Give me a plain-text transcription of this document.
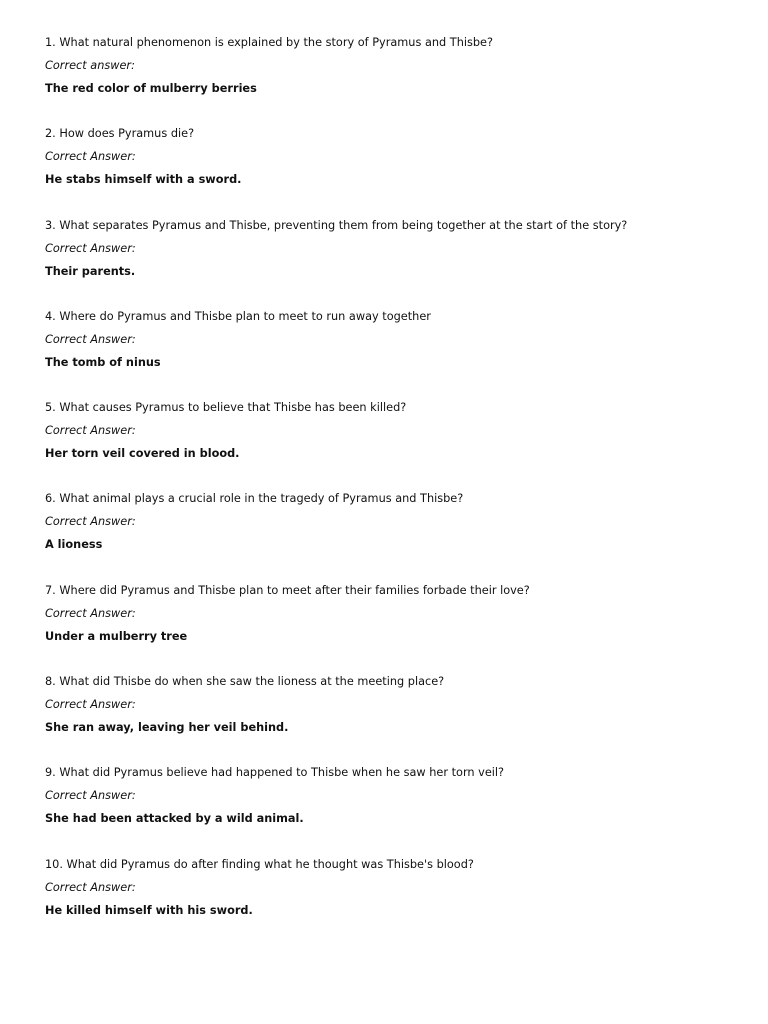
1. What natural phenomenon is explained by the story of Pyramus and Thisbe?
Correct answer:
The red color of mulberry berries
2. How does Pyramus die?
Correct Answer:
He stabs himself with a sword.
3. What separates Pyramus and Thisbe, preventing them from being together at the start of the story?
Correct Answer:
Their parents.
4. Where do Pyramus and Thisbe plan to meet to run away together
Correct Answer:
The tomb of ninus
5. What causes Pyramus to believe that Thisbe has been killed?
Correct Answer:
Her torn veil covered in blood.
6. What animal plays a crucial role in the tragedy of Pyramus and Thisbe?
Correct Answer:
A lioness
7. Where did Pyramus and Thisbe plan to meet after their families forbade their love?
Correct Answer:
Under a mulberry tree
8. What did Thisbe do when she saw the lioness at the meeting place?
Correct Answer:
She ran away, leaving her veil behind.
9. What did Pyramus believe had happened to Thisbe when he saw her torn veil?
Correct Answer:
She had been attacked by a wild animal.
10. What did Pyramus do after finding what he thought was Thisbe's blood?
Correct Answer:
He killed himself with his sword.
